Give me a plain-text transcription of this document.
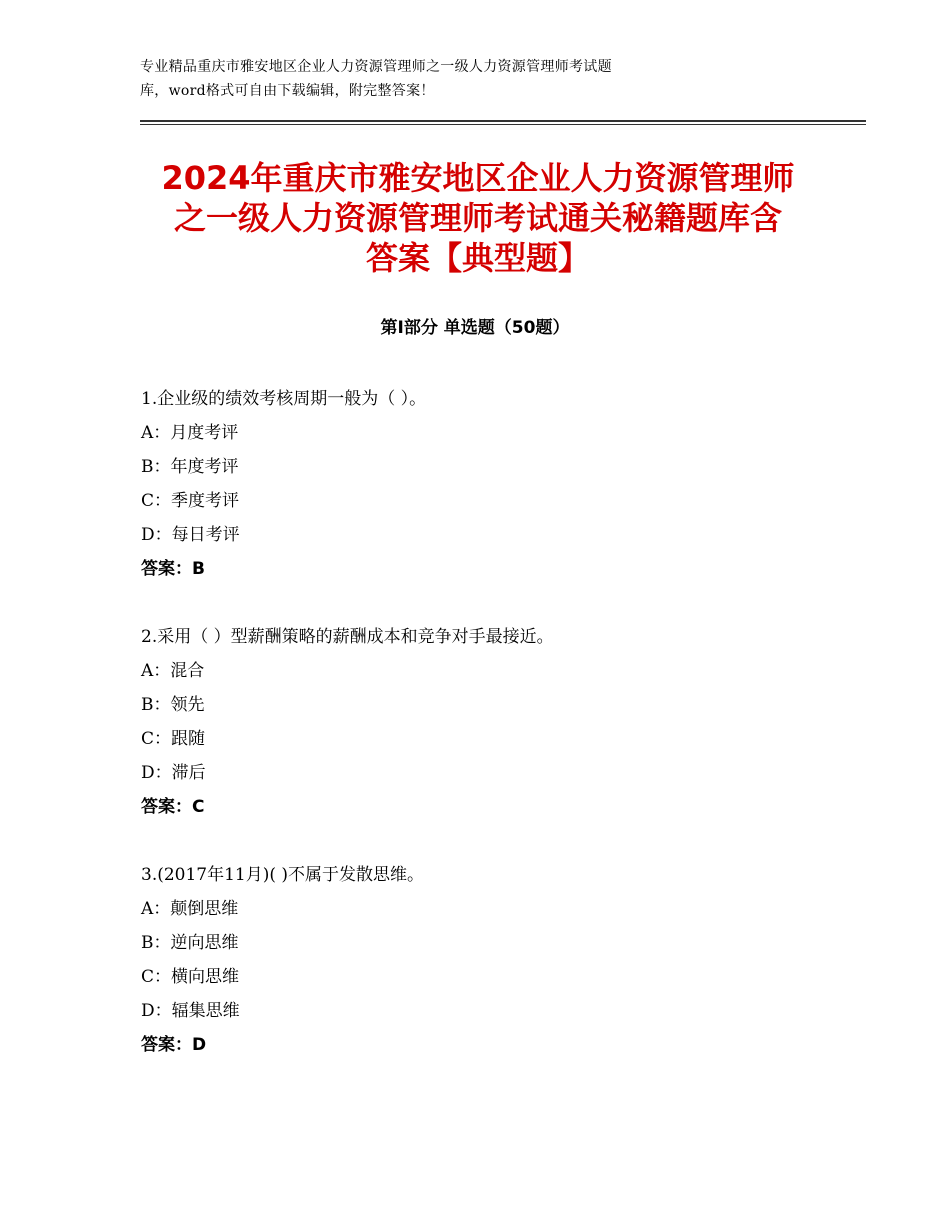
专业精品重庆市雅安地区企业人力资源管理师之一级人力资源管理师考试题
库，word格式可自由下载编辑，附完整答案！
2024年重庆市雅安地区企业人力资源管理师
之一级人力资源管理师考试通关秘籍题库含
答案【典型题】
第Ⅰ部分 单选题（50题）
1.企业级的绩效考核周期一般为（ ）。
A：月度考评
B：年度考评
C：季度考评
D：每日考评
答案：B
2.采用（ ）型薪酬策略的薪酬成本和竞争对手最接近。
A：混合
B：领先
C：跟随
D：滞后
答案：C
3.(2017年11月)( )不属于发散思维。
A：颠倒思维
B：逆向思维
C：横向思维
D：辐集思维
答案：D
